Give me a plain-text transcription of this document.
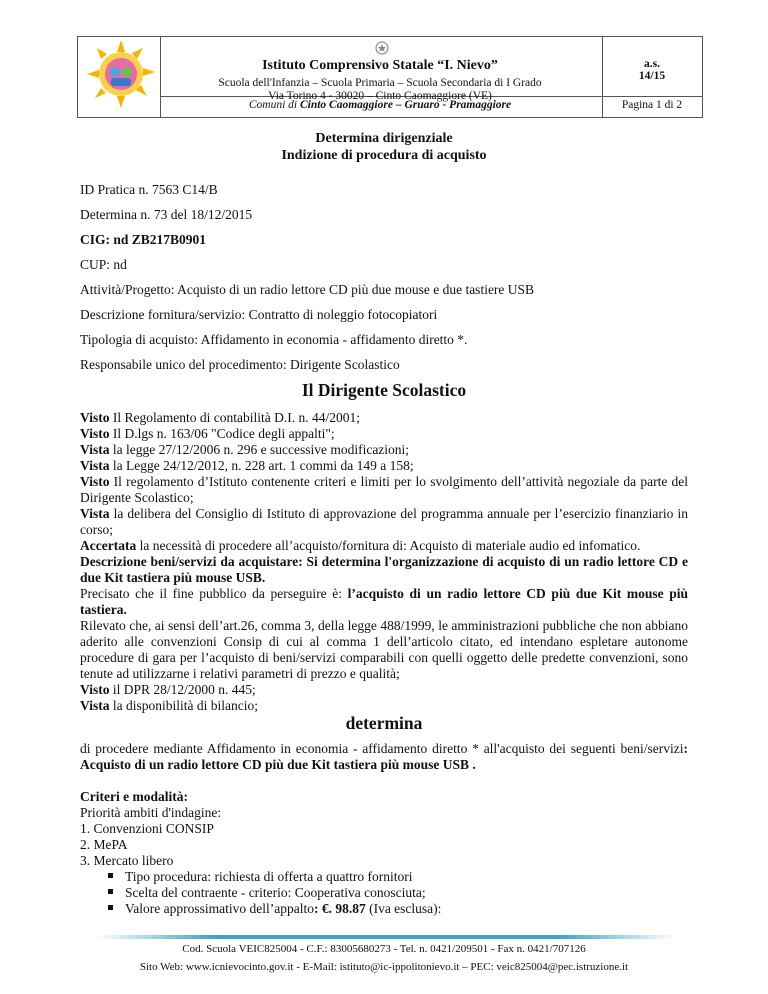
Istituto Comprensivo Statale “I. Nievo”
Scuola dell'Infanzia – Scuola Primaria – Scuola Secondaria di I Grado
Via Torino 4 - 30020 – Cinto Caomaggiore (VE)
Comuni di Cinto Caomaggiore – Gruaro - Pramaggiore
a.s.
14/15
Pagina 1 di 2
Determina dirigenziale
Indizione di procedura di acquisto
ID Pratica n. 7563 C14/B
Determina n. 73 del 18/12/2015
CIG: nd ZB217B0901
CUP: nd
Attività/Progetto: Acquisto di un radio lettore CD più due mouse e due tastiere USB
Descrizione fornitura/servizio: Contratto di noleggio fotocopiatori
Tipologia di acquisto: Affidamento in economia - affidamento diretto *.
Responsabile unico del procedimento: Dirigente Scolastico
Il Dirigente Scolastico

Visto Il Regolamento di contabilità D.I. n. 44/2001;

Visto Il D.lgs n. 163/06 "Codice degli appalti";

Vista la legge 27/12/2006 n. 296 e successive modificazioni;

Vista la Legge 24/12/2012, n. 228 art. 1 commi da 149 a 158;

Visto Il regolamento d’Istituto contenente criteri e limiti per lo svolgimento dell’attività negoziale da parte del Dirigente Scolastico;

Vista la delibera del Consiglio di Istituto di approvazione del programma annuale per l’esercizio finanziario in corso;

Accertata la necessità di procedere all’acquisto/fornitura di: Acquisto di materiale audio ed infomatico.

Descrizione beni/servizi da acquistare: Si determina l'organizzazione di acquisto di un radio lettore CD e due Kit tastiera più mouse USB.

Precisato che il fine pubblico da perseguire è: l’acquisto di un radio lettore CD più due Kit mouse più tastiera.

Rilevato che, ai sensi dell’art.26, comma 3, della legge 488/1999, le amministrazioni pubbliche che non abbiano aderito alle convenzioni Consip di cui al comma 1 dell’articolo citato, ed intendano espletare autonome procedure di gara per l’acquisto di beni/servizi comparabili con quelli oggetto delle predette convenzioni, sono tenute ad utilizzarne i relativi parametri di prezzo e qualità;

Visto il DPR 28/12/2000 n. 445;

Vista la disponibilità di bilancio;

determina

di procedere mediante Affidamento in economia - affidamento diretto * all'acquisto dei seguenti beni/servizi: Acquisto di un radio lettore CD più due Kit tastiera più mouse USB .

Criteri e modalità:

Priorità ambiti d'indagine:

1. Convenzioni CONSIP

2. MePA

3. Mercato libero

Tipo procedura: richiesta di offerta a quattro fornitori
Scelta del contraente - criterio: Cooperativa conosciuta;
Valore approssimativo dell’appalto: €. 98.87 (Iva esclusa):
Cod. Scuola VEIC825004 - C.F.: 83005680273 - Tel. n. 0421/209501 - Fax n. 0421/707126
Sito Web: www.icnievocinto.gov.it - E-Mail: istituto@ic-ippolitonievo.it – PEC: veic825004@pec.istruzione.it
